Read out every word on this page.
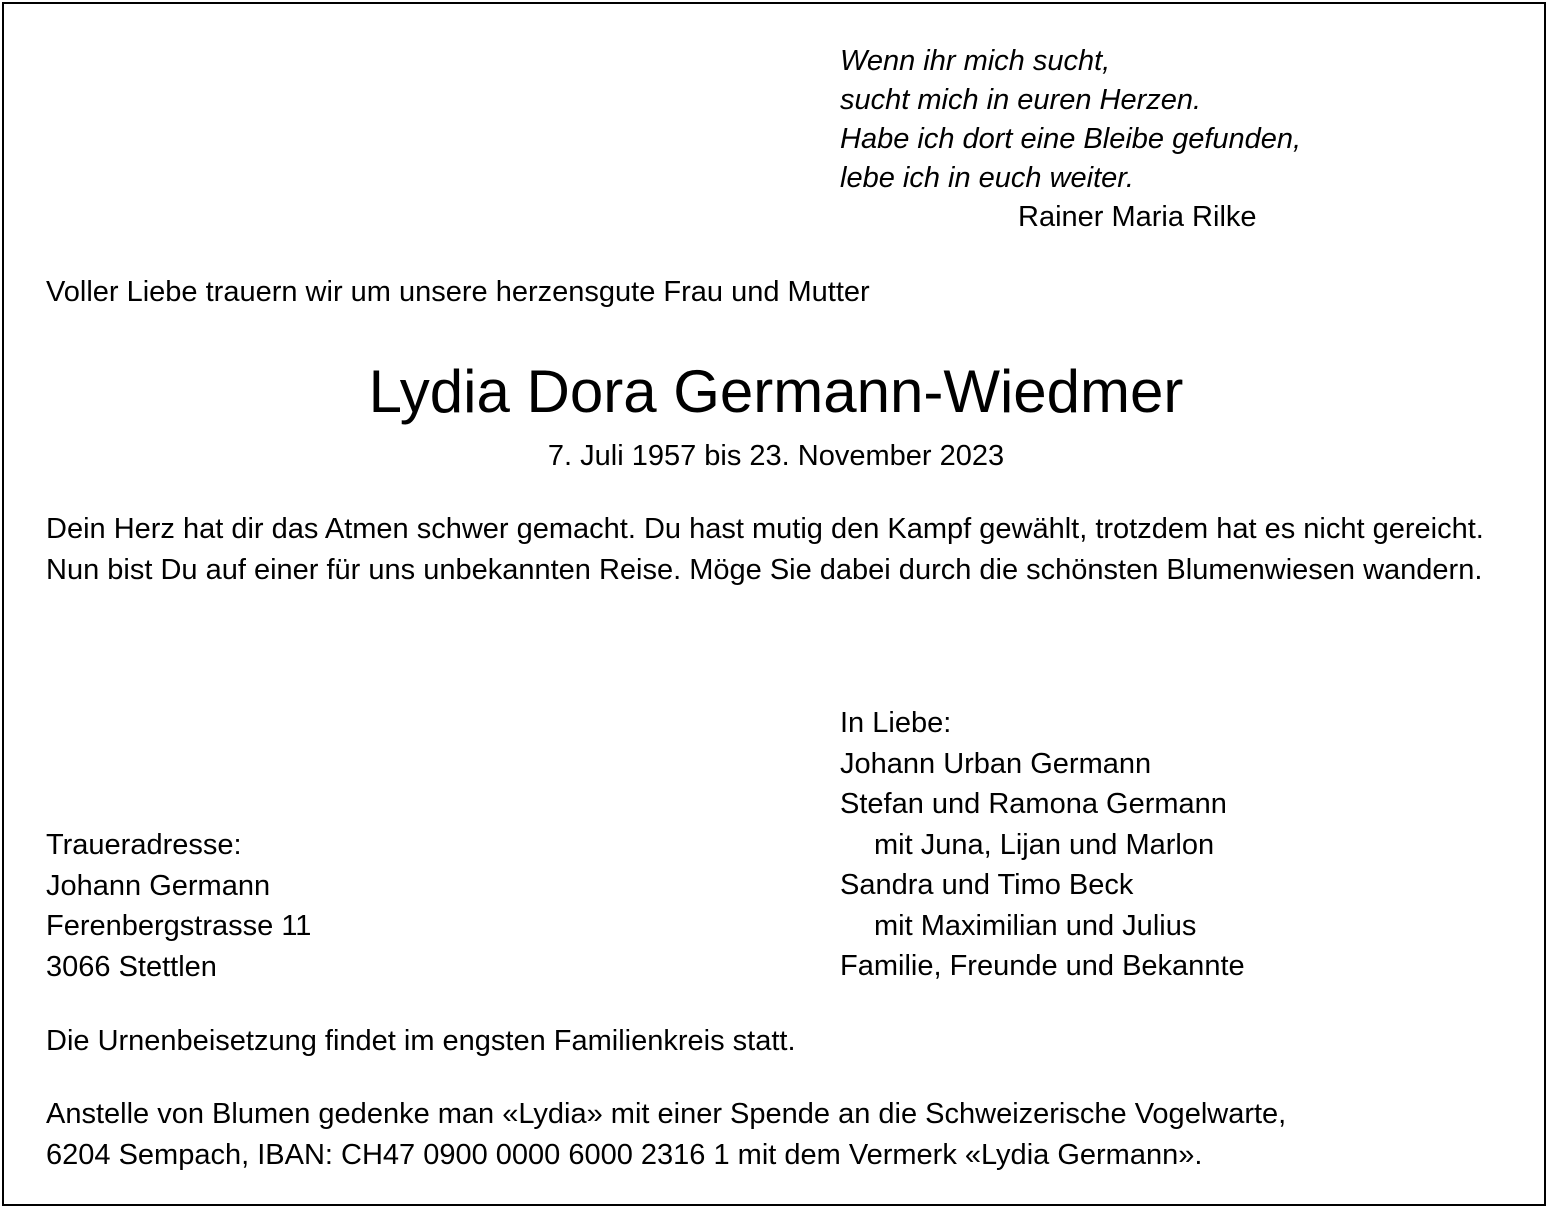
Wenn ihr mich sucht,
sucht mich in euren Herzen.
Habe ich dort eine Bleibe gefunden,
lebe ich in euch weiter.
Rainer Maria Rilke
Voller Liebe trauern wir um unsere herzensgute Frau und Mutter
Lydia Dora Germann-Wiedmer
7. Juli 1957 bis 23. November 2023

Dein Herz hat dir das Atmen schwer gemacht. Du hast mutig den Kampf gewählt, trotzdem hat es nicht gereicht.

Nun bist Du auf einer für uns unbekannten Reise. Möge Sie dabei durch die schönsten Blumenwiesen wandern.

In Liebe:
Johann Urban Germann
Stefan und Ramona Germann
mit Juna, Lijan und Marlon
Sandra und Timo Beck
mit Maximilian und Julius
Familie, Freunde und Bekannte
Traueradresse:
Johann Germann
Ferenbergstrasse 11
3066 Stettlen
Die Urnenbeisetzung findet im engsten Familienkreis statt.
Anstelle von Blumen gedenke man «Lydia» mit einer Spende an die Schweizerische Vogelwarte,
6204 Sempach, IBAN: CH47 0900 0000 6000 2316 1 mit dem Vermerk «Lydia Germann».
